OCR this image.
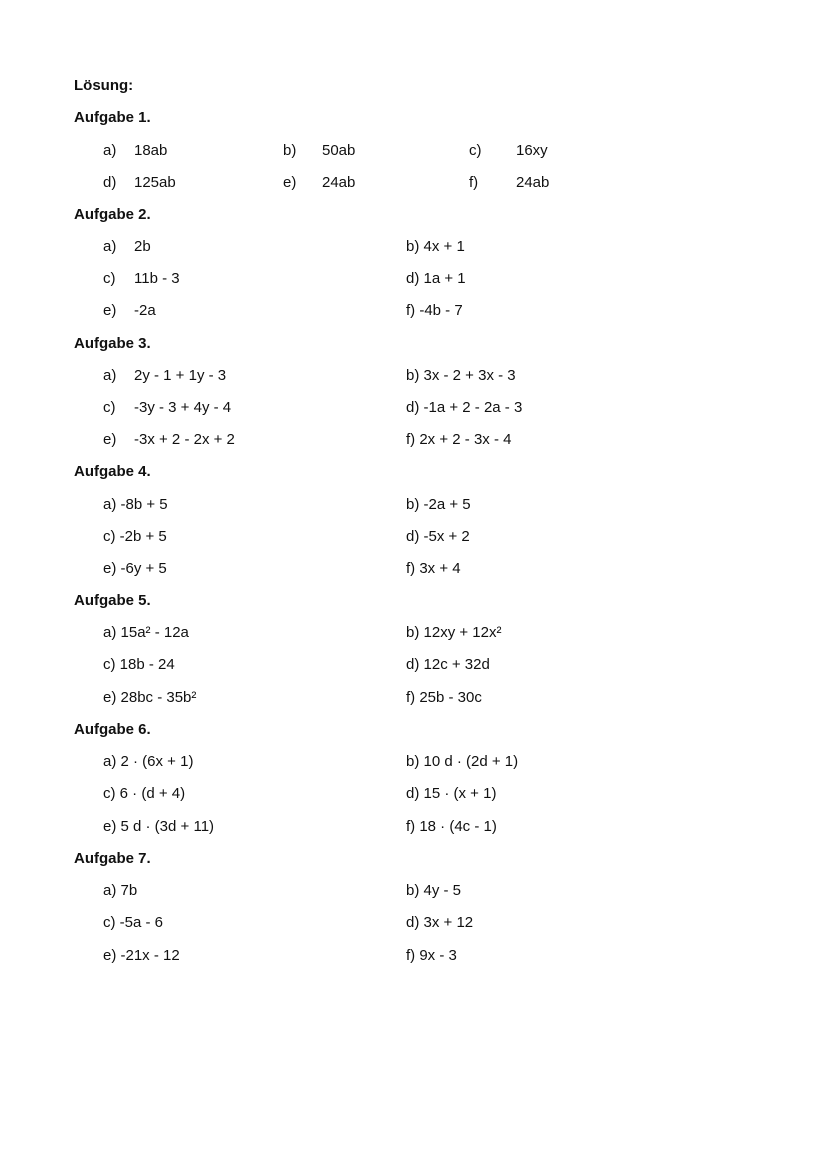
Lösung:
Aufgabe 1.
a) 18ab	b) 50ab	c) 16xy
d) 125ab	e) 24ab	f)	24ab
Aufgabe 2.
a) 2b	b) 4x + 1
c) 11b - 3	d) 1a + 1
e) -2a	f) -4b - 7
Aufgabe 3.
a) 2y - 1 + 1y - 3	b) 3x - 2 + 3x - 3
c) -3y - 3 + 4y - 4	d) -1a + 2 - 2a - 3
e) -3x + 2 - 2x + 2	f) 2x + 2 - 3x - 4
Aufgabe 4.
a) -8b + 5	b) -2a + 5
c) -2b + 5	d) -5x + 2
e) -6y + 5	f) 3x + 4
Aufgabe 5.
a) 15a² - 12a	b) 12xy + 12x²
c) 18b - 24	d) 12c + 32d
e) 28bc - 35b²	f) 25b - 30c
Aufgabe 6.
a) 2 · (6x + 1)	b) 10 d · (2d + 1)
c) 6 · (d + 4)	d) 15 · (x + 1)
e) 5 d · (3d + 11)	f) 18 · (4c - 1)
Aufgabe 7.
a) 7b	b) 4y - 5
c) -5a - 6	d) 3x + 12
e) -21x - 12	f) 9x - 3
